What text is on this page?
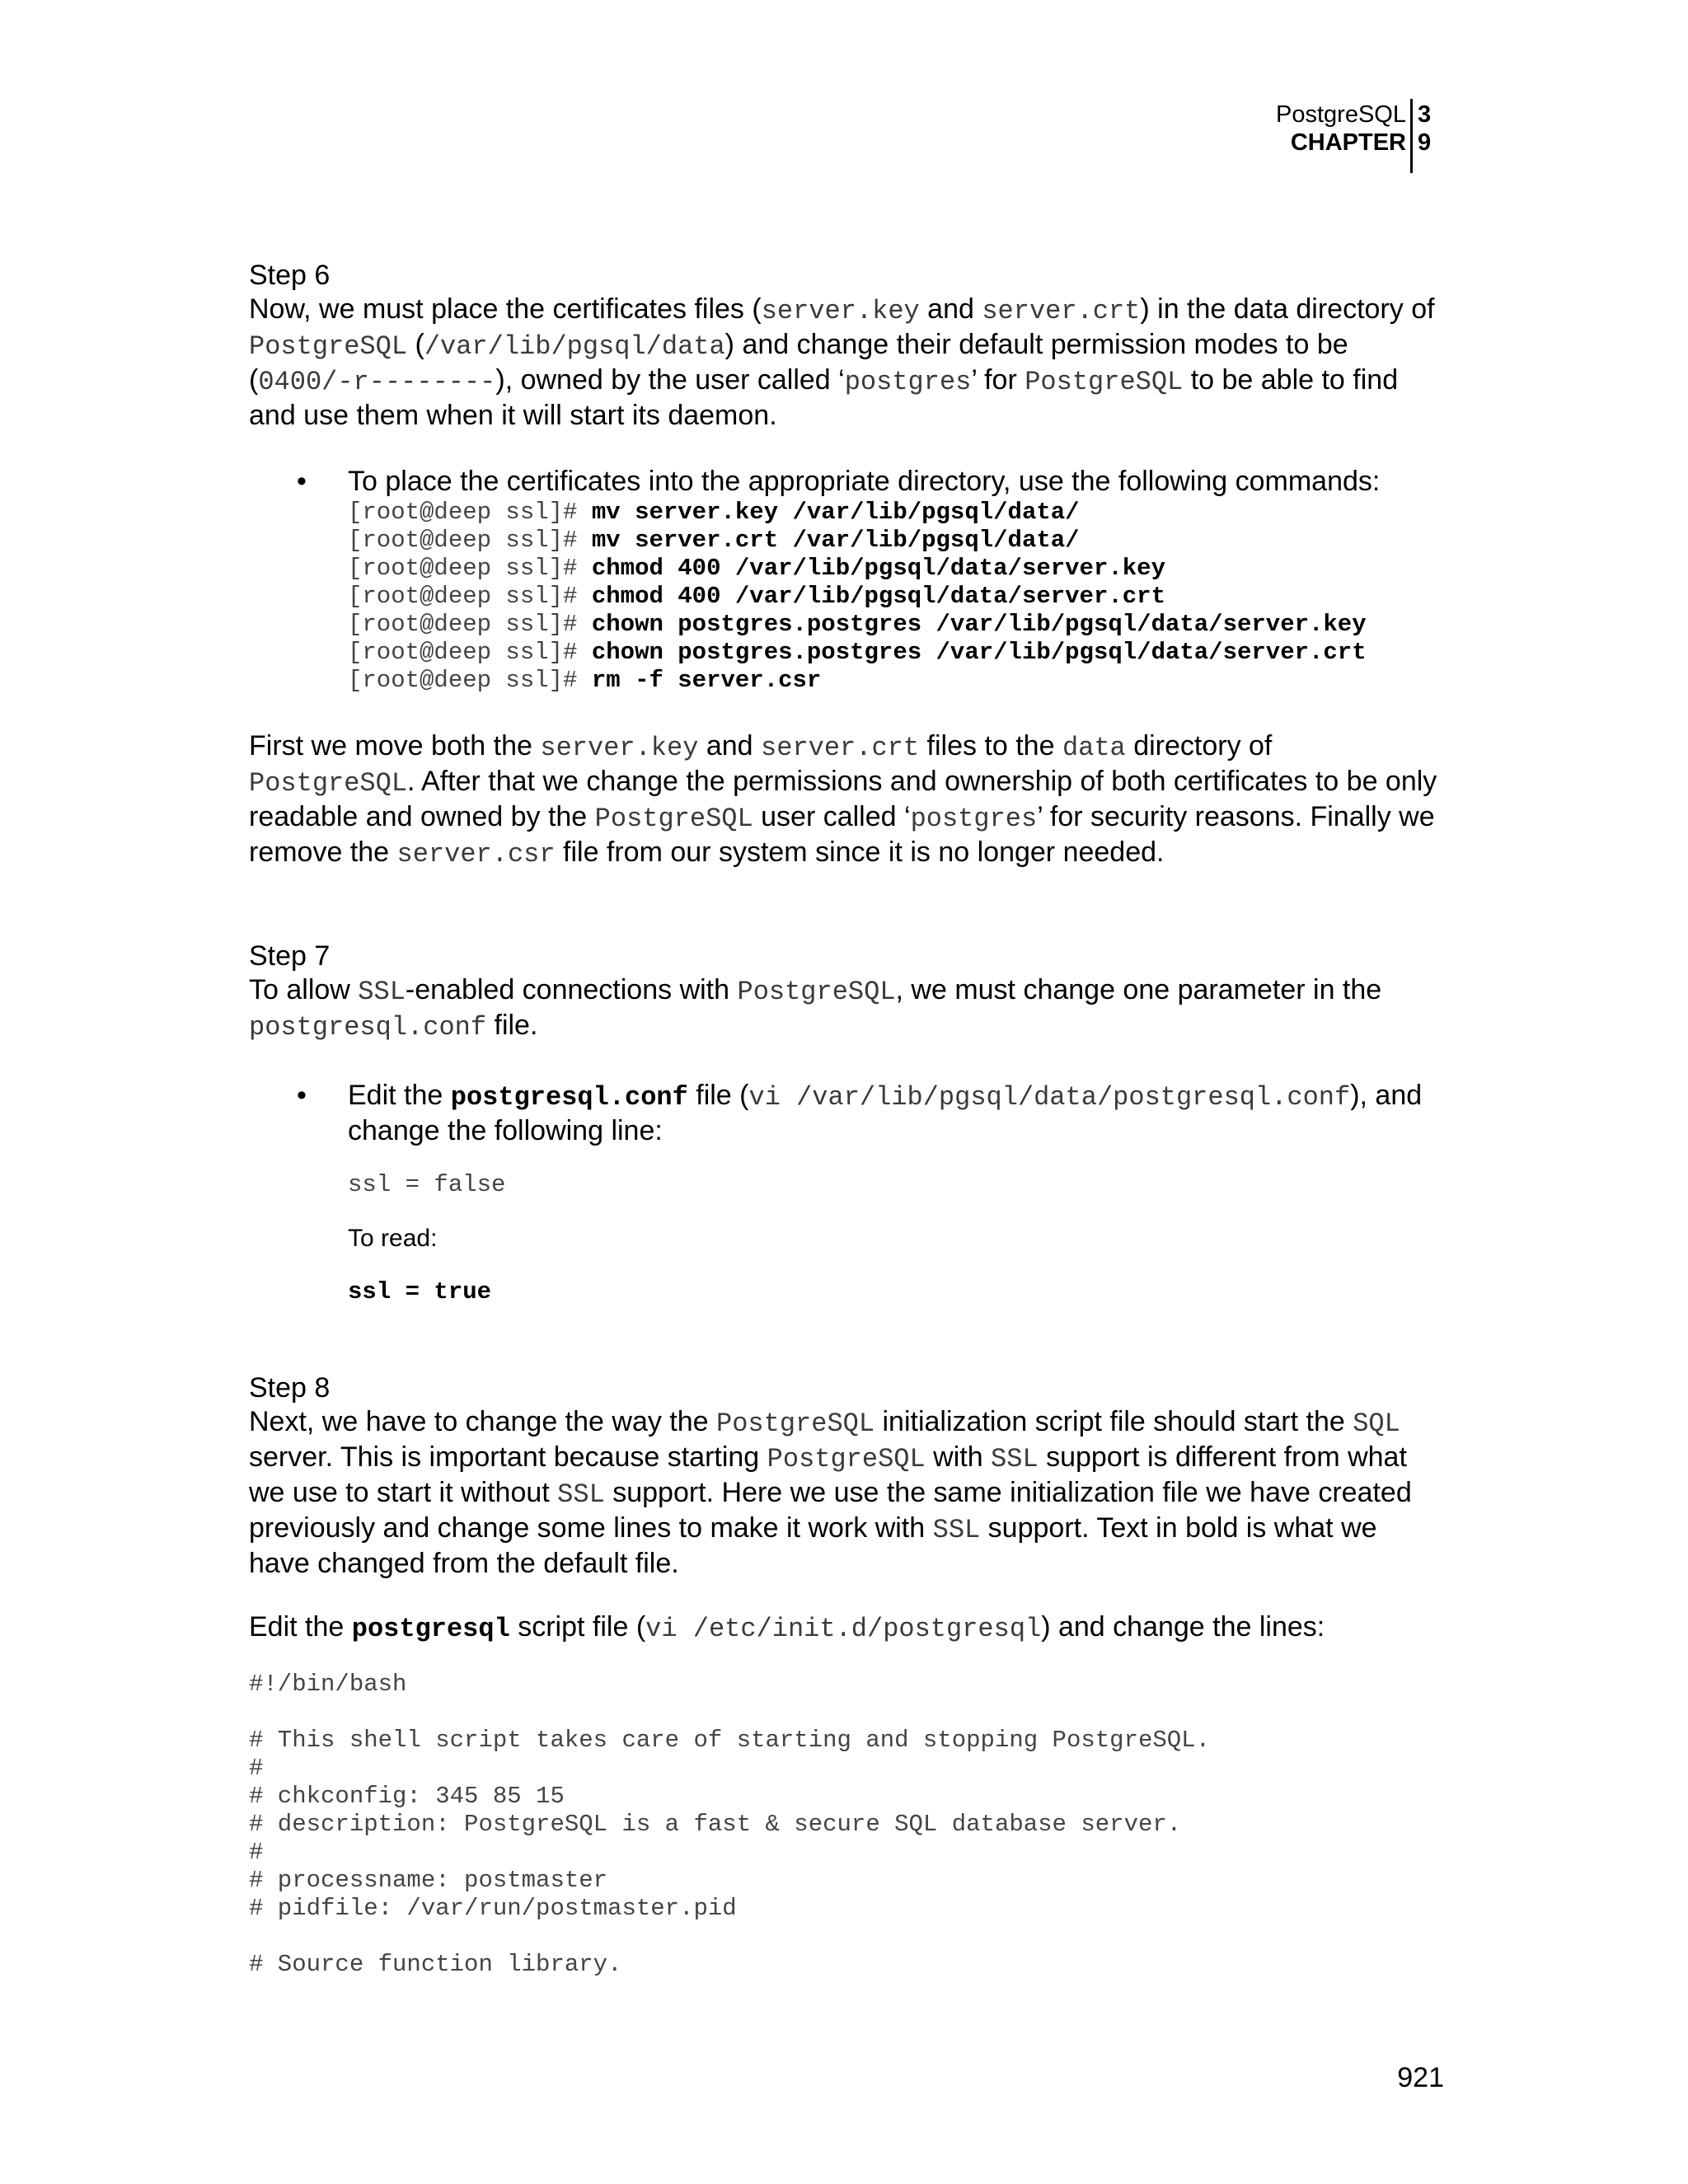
PostgreSQL
CHAPTER
3
9

Step 6

Now, we must place the certificates files (server.key and server.crt) in the data directory of PostgreSQL (/var/lib/pgsql/data) and change their default permission modes to be (0400/-r--------), owned by the user called ‘postgres’ for PostgreSQL to be able to find and use them when it will start its daemon.

• To place the certificates into the appropriate directory, use the following commands:

[root@deep ssl]# mv server.key /var/lib/pgsql/data/
[root@deep ssl]# mv server.crt /var/lib/pgsql/data/
[root@deep ssl]# chmod 400 /var/lib/pgsql/data/server.key
[root@deep ssl]# chmod 400 /var/lib/pgsql/data/server.crt
[root@deep ssl]# chown postgres.postgres /var/lib/pgsql/data/server.key
[root@deep ssl]# chown postgres.postgres /var/lib/pgsql/data/server.crt
[root@deep ssl]# rm -f server.csr

First we move both the server.key and server.crt files to the data directory of PostgreSQL. After that we change the permissions and ownership of both certificates to be only readable and owned by the PostgreSQL user called ‘postgres’ for security reasons. Finally we remove the server.csr file from our system since it is no longer needed.

Step 7

To allow SSL-enabled connections with PostgreSQL, we must change one parameter in the postgresql.conf file.

• Edit the postgresql.conf file (vi /var/lib/pgsql/data/postgresql.conf), and change the following line:

ssl = false
To read:
ssl = true

Step 8

Next, we have to change the way the PostgreSQL initialization script file should start the SQL server. This is important because starting PostgreSQL with SSL support is different from what we use to start it without SSL support. Here we use the same initialization file we have created previously and change some lines to make it work with SSL support. Text in bold is what we have changed from the default file.

Edit the postgresql script file (vi /etc/init.d/postgresql) and change the lines:

#!/bin/bash
# This shell script takes care of starting and stopping PostgreSQL.
#
# chkconfig: 345 85 15
# description: PostgreSQL is a fast & secure SQL database server.
#
# processname: postmaster
# pidfile: /var/run/postmaster.pid
# Source function library.
921
